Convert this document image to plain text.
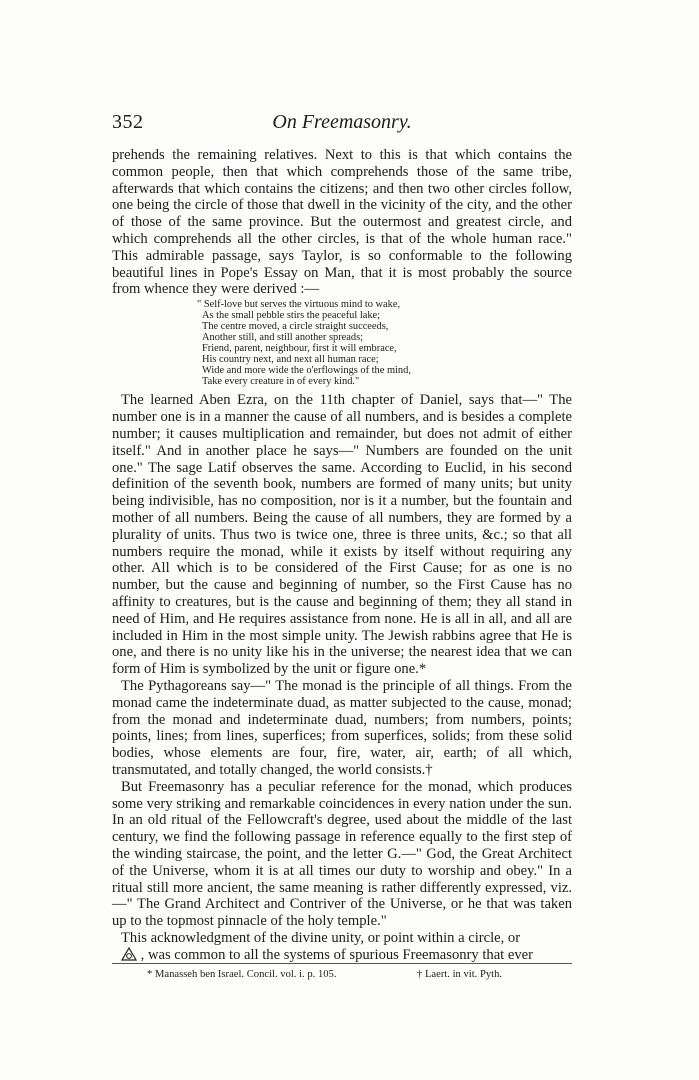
352	On Freemasonry.

prehends the remaining relatives. Next to this is that which contains the common people, then that which comprehends those of the same tribe, afterwards that which contains the citizens; and then two other circles follow, one being the circle of those that dwell in the vicinity of the city, and the other of those of the same province. But the outermost and greatest circle, and which comprehends all the other circles, is that of the whole human race." This admirable passage, says Taylor, is so conformable to the following beautiful lines in Pope's Essay on Man, that it is most probably the source from whence they were derived :—

" Self-love but serves the virtuous mind to wake,
As the small pebble stirs the peaceful lake;
The centre moved, a circle straight succeeds,
Another still, and still another spreads;
Friend, parent, neighbour, first it will embrace,
His country next, and next all human race;
Wide and more wide the o'erflowings of the mind,
Take every creature in of every kind."

The learned Aben Ezra, on the 11th chapter of Daniel, says that—" The number one is in a manner the cause of all numbers, and is besides a complete number; it causes multiplication and remainder, but does not admit of either itself." And in another place he says—" Numbers are founded on the unit one." The sage Latif observes the same. According to Euclid, in his second definition of the seventh book, numbers are formed of many units; but unity being indivisible, has no composition, nor is it a number, but the fountain and mother of all numbers. Being the cause of all numbers, they are formed by a plurality of units. Thus two is twice one, three is three units, &c.; so that all numbers require the monad, while it exists by itself without requiring any other. All which is to be considered of the First Cause; for as one is no number, but the cause and beginning of number, so the First Cause has no affinity to creatures, but is the cause and beginning of them; they all stand in need of Him, and He requires assistance from none. He is all in all, and all are included in Him in the most simple unity. The Jewish rabbins agree that He is one, and there is no unity like his in the universe; the nearest idea that we can form of Him is symbolized by the unit or figure one.*

The Pythagoreans say—" The monad is the principle of all things. From the monad came the indeterminate duad, as matter subjected to the cause, monad; from the monad and indeterminate duad, numbers; from numbers, points; points, lines; from lines, superfices; from superfices, solids; from these solid bodies, whose elements are four, fire, water, air, earth; of all which, transmutated, and totally changed, the world consists.†

But Freemasonry has a peculiar reference for the monad, which produces some very striking and remarkable coincidences in every nation under the sun. In an old ritual of the Fellowcraft's degree, used about the middle of the last century, we find the following passage in reference equally to the first step of the winding staircase, the point, and the letter G.—" God, the Great Architect of the Universe, whom it is at all times our duty to worship and obey." In a ritual still more ancient, the same meaning is rather differently expressed, viz.—" The Grand Architect and Contriver of the Universe, or he that was taken up to the topmost pinnacle of the holy temple."

This acknowledgment of the divine unity, or point within a circle, or
, was common to all the systems of spurious Freemasonry that ever

* Manasseh ben Israel. Concil. vol. i. p. 105.	† Laert. in vit. Pyth.
